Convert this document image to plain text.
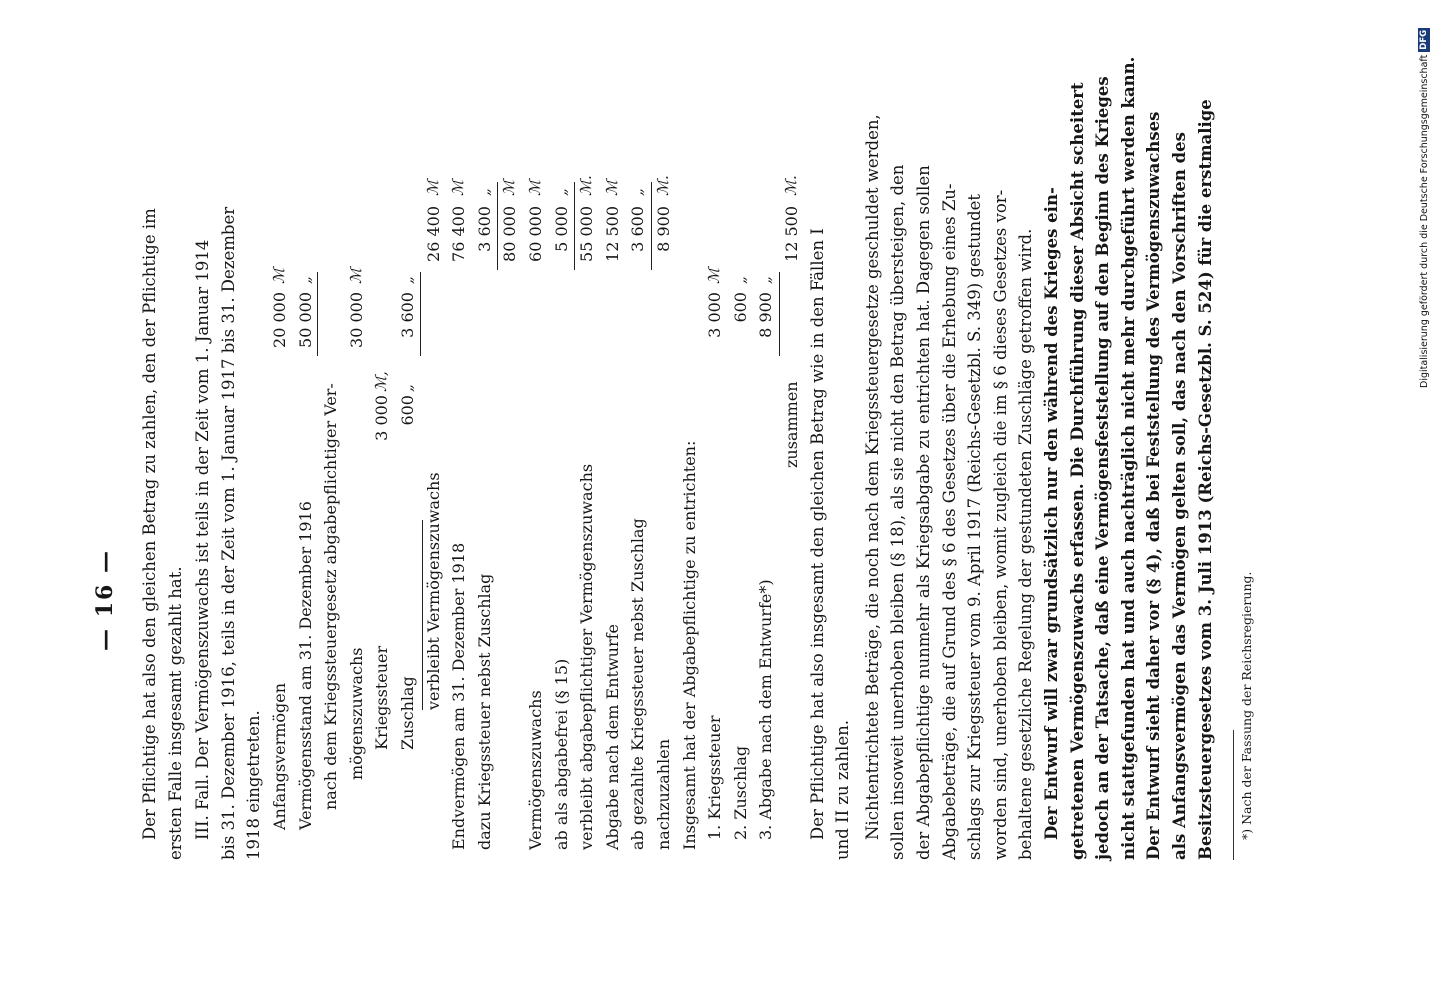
— 16 — Der Pflichtige hat also den gleichen Betrag zu zahlen, den der Pflichtige im ersten Falle insgesamt gezahlt hat. III. Fall. Der Vermögenszuwachs ist teils in der Zeit vom 1. Januar 1914 bis 31. Dezember 1916, teils in der Zeit vom 1. Januar 1917 bis 31. Dezember 1918 eingetreten. Anfangsvermögen
20 000
ℳ
Vermögensstand am 31. Dezember 1916
50 000
„
nach dem Kriegssteuergesetz abgabepflichtiger Ver- mögenszuwachs
30 000
ℳ
Kriegssteuer
3 000
ℳ,
Zuschlag
600
„
3 600
„
verbleibt Vermögenszuwachs
26 400
ℳ
Endvermögen am 31. Dezember 1918
76 400
ℳ
dazu Kriegssteuer nebst Zuschlag
3 600
„
80 000
ℳ
Vermögenszuwachs
60 000
ℳ
ab als abgabefrei (§ 15)
5 000
„
verbleibt abgabepflichtiger Vermögenszuwachs
55 000
ℳ.
Abgabe nach dem Entwurfe
12 500
ℳ
ab gezahlte Kriegssteuer nebst Zuschlag
3 600
„
nachzuzahlen
8 900
ℳ.
Insgesamt hat der Abgabepflichtige zu entrichten: 1. Kriegssteuer
3 000
ℳ
2. Zuschlag
600
„
3. Abgabe nach dem Entwurfe*)
8 900
„
zusammen
12 500
ℳ.
Der Pflichtige hat also insgesamt den gleichen Betrag wie in den Fällen I und II zu zahlen. Nichtentrichtete Beträge, die noch nach dem Kriegssteuergesetze geschuldet werden, sollen insoweit unerhoben bleiben (§ 18), als sie nicht den Betrag übersteigen, den der Abgabepflichtige nunmehr als Kriegsabgabe zu entrichten hat. Dagegen sollen Abgabebeträge, die auf Grund des § 6 des Gesetzes über die Erhebung eines Zu- schlags zur Kriegssteuer vom 9. April 1917 (Reichs-Gesetzbl. S. 349) gestundet worden sind, unerhoben bleiben, womit zugleich die im § 6 dieses Gesetzes vor- behaltene gesetzliche Regelung der gestundeten Zuschläge getroffen wird. Der Entwurf will zwar grundsätzlich nur den während des Krieges ein- getretenen Vermögenszuwachs erfassen. Die Durchführung dieser Absicht scheitert jedoch an der Tatsache, daß eine Vermögensfeststellung auf den Beginn des Krieges nicht stattgefunden hat und auch nachträglich nicht mehr durchgeführt werden kann. Der Entwurf sieht daher vor (§ 4), daß bei Feststellung des Vermögenszuwachses als Anfangsvermögen das Vermögen gelten soll, das nach den Vorschriften des Besitzsteuergesetzes vom 3. Juli 1913 (Reichs-Gesetzbl. S. 524) für die erstmalige *) Nach der Fassung der Reichsregierung.
Digitalisierung gefördert durch die Deutsche Forschungsgemeinschaft
DFG
